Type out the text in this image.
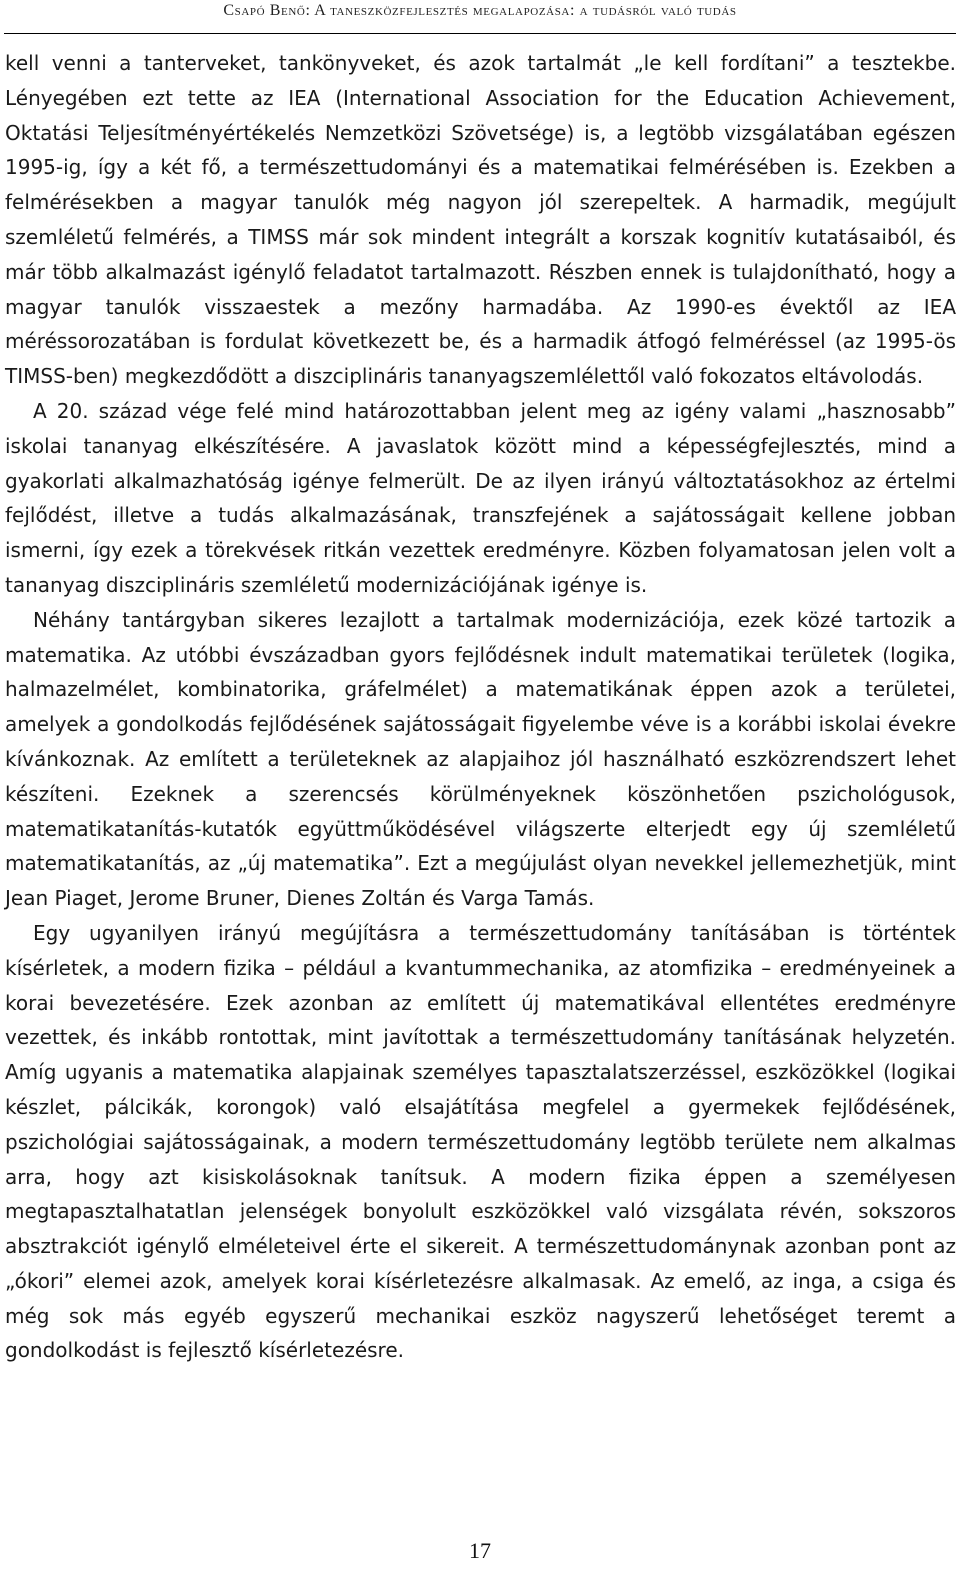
Csapó Benő: A taneszközfejlesztés megalapozása: a tudásról való tudás

kell venni a tanterveket, tankönyveket, és azok tartalmát „le kell fordítani” a tesztekbe. Lényegében ezt tette az IEA (International Association for the Education Achievement, Oktatási Teljesítményértékelés Nemzetközi Szövetsége) is, a legtöbb vizsgálatában egészen 1995-ig, így a két fő, a természettudományi és a matematikai felmérésében is. Ezekben a felmérésekben a magyar tanulók még nagyon jól szerepeltek. A harmadik, megújult szemléletű felmérés, a TIMSS már sok mindent integrált a korszak kognitív kutatásaiból, és már több alkalmazást igénylő feladatot tartalmazott. Részben ennek is tulajdonítható, hogy a magyar tanulók visszaestek a mezőny harmadába. Az 1990-es évektől az IEA méréssorozatában is fordulat következett be, és a harmadik átfogó felméréssel (az 1995-ös TIMSS-ben) megkezdődött a diszciplináris tananyagszemlélettől való fokozatos eltávolodás.

A 20. század vége felé mind határozottabban jelent meg az igény valami „hasznosabb” iskolai tananyag elkészítésére. A javaslatok között mind a képességfejlesztés, mind a gyakorlati alkalmazhatóság igénye felmerült. De az ilyen irányú változtatásokhoz az értelmi fejlődést, illetve a tudás alkalmazásának, transzfejének a sajátosságait kellene jobban ismerni, így ezek a törekvések ritkán vezettek eredményre. Közben folyamatosan jelen volt a tananyag diszciplináris szemléletű modernizációjának igénye is.

Néhány tantárgyban sikeres lezajlott a tartalmak modernizációja, ezek közé tartozik a matematika. Az utóbbi évszázadban gyors fejlődésnek indult matematikai területek (logika, halmazelmélet, kombinatorika, gráfelmélet) a matematikának éppen azok a területei, amelyek a gondolkodás fejlődésének sajátosságait figyelembe véve is a korábbi iskolai évekre kívánkoznak. Az említett a területeknek az alapjaihoz jól használható eszközrendszert lehet készíteni. Ezeknek a szerencsés körülményeknek köszönhetően pszichológusok, matematikatanítás-kutatók együttműködésével világszerte elterjedt egy új szemléletű matematikatanítás, az „új matematika”. Ezt a megújulást olyan nevekkel jellemezhetjük, mint Jean Piaget, Jerome Bruner, Dienes Zoltán és Varga Tamás.

Egy ugyanilyen irányú megújításra a természettudomány tanításában is történtek kísérletek, a modern fizika – például a kvantummechanika, az atomfizika – eredményeinek a korai bevezetésére. Ezek azonban az említett új matematikával ellentétes eredményre vezettek, és inkább rontottak, mint javítottak a természettudomány tanításának helyzetén. Amíg ugyanis a matematika alapjainak személyes tapasztalatszerzéssel, eszközökkel (logikai készlet, pálcikák, korongok) való elsajátítása megfelel a gyermekek fejlődésének, pszichológiai sajátosságainak, a modern természettudomány legtöbb területe nem alkalmas arra, hogy azt kisiskolásoknak tanítsuk. A modern fizika éppen a személyesen megtapasztalhatatlan jelenségek bonyolult eszközökkel való vizsgálata révén, sokszoros absztrakciót igénylő elméleteivel érte el sikereit. A természettudománynak azonban pont az „ókori” elemei azok, amelyek korai kísérletezésre alkalmasak. Az emelő, az inga, a csiga és még sok más egyéb egyszerű mechanikai eszköz nagyszerű lehetőséget teremt a gondolkodást is fejlesztő kísérletezésre.

17
